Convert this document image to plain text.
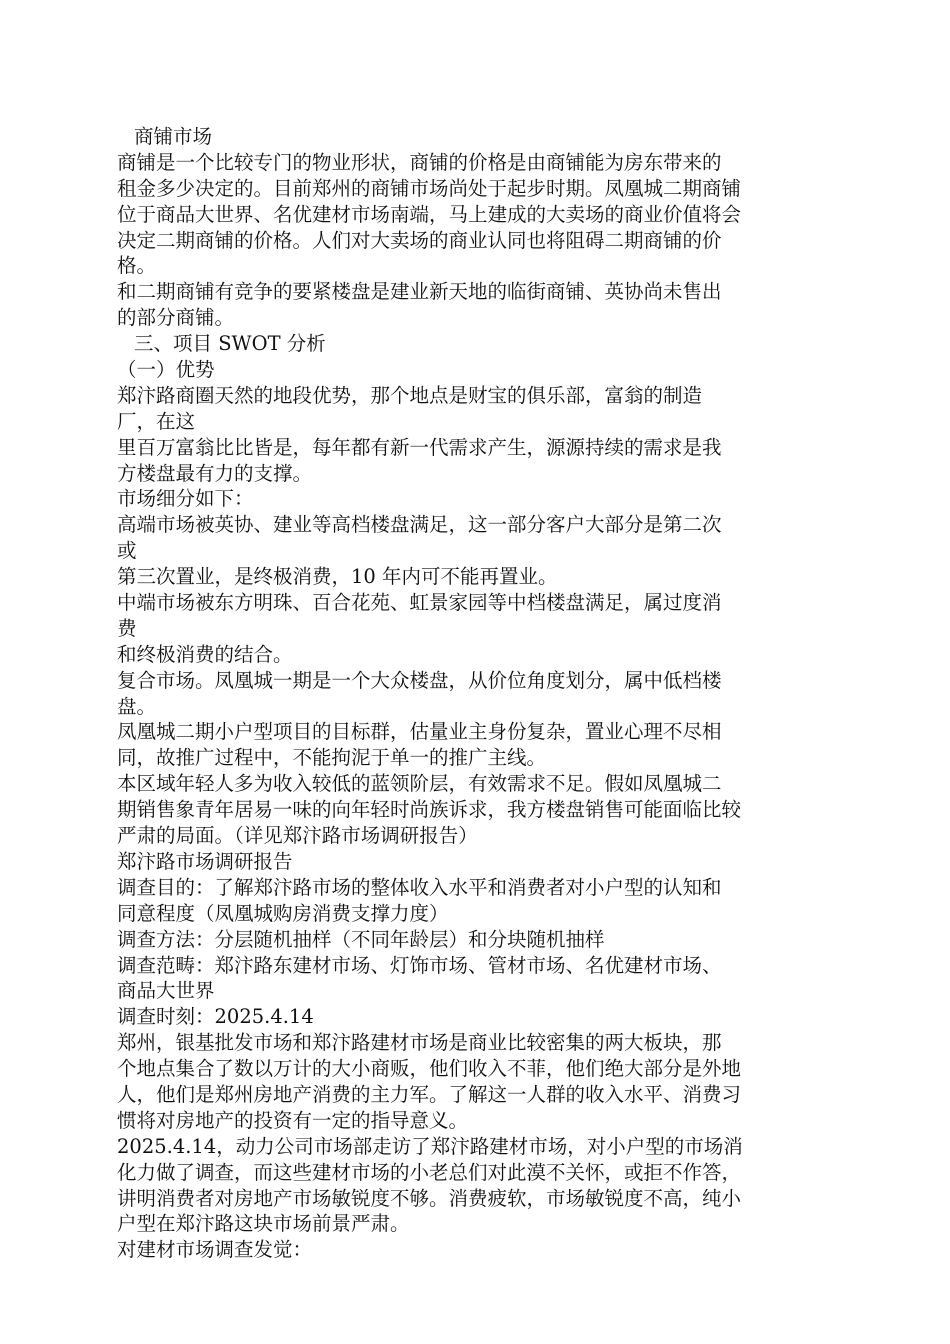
商铺市场
商铺是一个比较专门的物业形状，商铺的价格是由商铺能为房东带来的
租金多少决定的。目前郑州的商铺市场尚处于起步时期。凤凰城二期商铺
位于商品大世界、名优建材市场南端，马上建成的大卖场的商业价值将会
决定二期商铺的价格。人们对大卖场的商业认同也将阻碍二期商铺的价
格。
和二期商铺有竞争的要紧楼盘是建业新天地的临街商铺、英协尚未售出
的部分商铺。
三、项目 SWOT 分析
（一）优势
郑汴路商圈天然的地段优势，那个地点是财宝的俱乐部，富翁的制造
厂，在这
里百万富翁比比皆是，每年都有新一代需求产生，源源持续的需求是我
方楼盘最有力的支撑。
市场细分如下：
高端市场被英协、建业等高档楼盘满足，这一部分客户大部分是第二次
或
第三次置业，是终极消费，10 年内可不能再置业。
中端市场被东方明珠、百合花苑、虹景家园等中档楼盘满足，属过度消
费
和终极消费的结合。
复合市场。凤凰城一期是一个大众楼盘，从价位角度划分，属中低档楼
盘。
凤凰城二期小户型项目的目标群，估量业主身份复杂，置业心理不尽相
同，故推广过程中，不能拘泥于单一的推广主线。
本区域年轻人多为收入较低的蓝领阶层，有效需求不足。假如凤凰城二
期销售象青年居易一味的向年轻时尚族诉求，我方楼盘销售可能面临比较
严肃的局面。（详见郑汴路市场调研报告）
郑汴路市场调研报告
调查目的：了解郑汴路市场的整体收入水平和消费者对小户型的认知和
同意程度（凤凰城购房消费支撑力度）
调查方法：分层随机抽样（不同年龄层）和分块随机抽样
调查范畴：郑汴路东建材市场、灯饰市场、管材市场、名优建材市场、
商品大世界
调查时刻：2025.4.14
郑州，银基批发市场和郑汴路建材市场是商业比较密集的两大板块，那
个地点集合了数以万计的大小商贩，他们收入不菲，他们绝大部分是外地
人，他们是郑州房地产消费的主力军。了解这一人群的收入水平、消费习
惯将对房地产的投资有一定的指导意义。
2025.4.14，动力公司市场部走访了郑汴路建材市场，对小户型的市场消
化力做了调查，而这些建材市场的小老总们对此漠不关怀，或拒不作答，
讲明消费者对房地产市场敏锐度不够。消费疲软，市场敏锐度不高，纯小
户型在郑汴路这块市场前景严肃。
对建材市场调查发觉：
